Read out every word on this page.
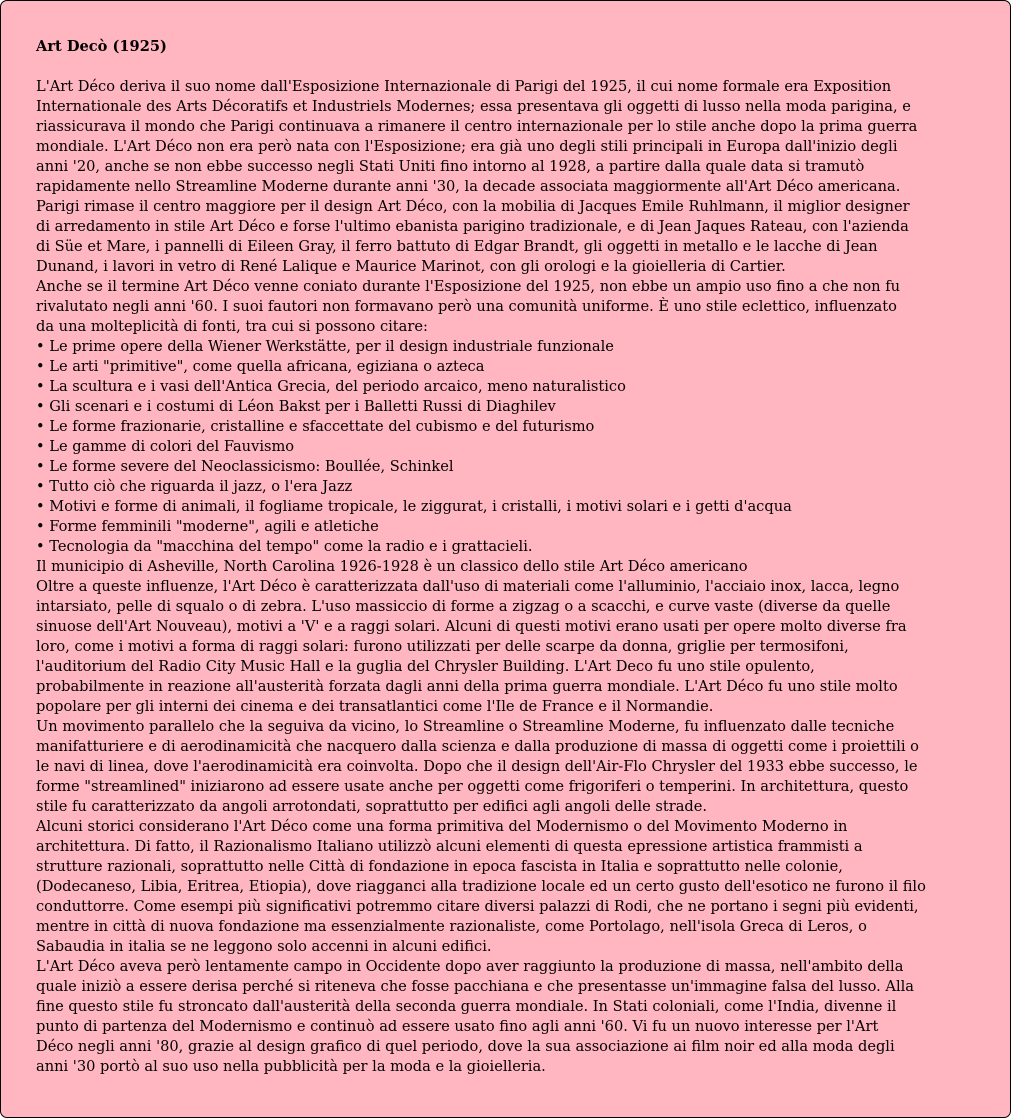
Art Decò (1925)
L'Art Déco deriva il suo nome dall'Esposizione Internazionale di Parigi del 1925, il cui nome formale era Exposition
Internationale des Arts Décoratifs et Industriels Modernes; essa presentava gli oggetti di lusso nella moda parigina, e
riassicurava il mondo che Parigi continuava a rimanere il centro internazionale per lo stile anche dopo la prima guerra
mondiale. L'Art Déco non era però nata con l'Esposizione; era già uno degli stili principali in Europa dall'inizio degli
anni '20, anche se non ebbe successo negli Stati Uniti fino intorno al 1928, a partire dalla quale data si tramutò
rapidamente nello Streamline Moderne durante anni '30, la decade associata maggiormente all'Art Déco americana.
Parigi rimase il centro maggiore per il design Art Déco, con la mobilia di Jacques Emile Ruhlmann, il miglior designer
di arredamento in stile Art Déco e forse l'ultimo ebanista parigino tradizionale, e di Jean Jaques Rateau, con l'azienda
di Süe et Mare, i pannelli di Eileen Gray, il ferro battuto di Edgar Brandt, gli oggetti in metallo e le lacche di Jean
Dunand, i lavori in vetro di René Lalique e Maurice Marinot, con gli orologi e la gioielleria di Cartier.
Anche se il termine Art Déco venne coniato durante l'Esposizione del 1925, non ebbe un ampio uso fino a che non fu
rivalutato negli anni '60. I suoi fautori non formavano però una comunità uniforme. È uno stile eclettico, influenzato
da una molteplicità di fonti, tra cui si possono citare:
• Le prime opere della Wiener Werkstätte, per il design industriale funzionale
• Le arti "primitive", come quella africana, egiziana o azteca
• La scultura e i vasi dell'Antica Grecia, del periodo arcaico, meno naturalistico
• Gli scenari e i costumi di Léon Bakst per i Balletti Russi di Diaghilev
• Le forme frazionarie, cristalline e sfaccettate del cubismo e del futurismo
• Le gamme di colori del Fauvismo
• Le forme severe del Neoclassicismo: Boullée, Schinkel
• Tutto ciò che riguarda il jazz, o l'era Jazz
• Motivi e forme di animali, il fogliame tropicale, le ziggurat, i cristalli, i motivi solari e i getti d'acqua
• Forme femminili "moderne", agili e atletiche
• Tecnologia da "macchina del tempo" come la radio e i grattacieli.
Il municipio di Asheville, North Carolina 1926-1928 è un classico dello stile Art Déco americano
Oltre a queste influenze, l'Art Déco è caratterizzata dall'uso di materiali come l'alluminio, l'acciaio inox, lacca, legno
intarsiato, pelle di squalo o di zebra. L'uso massiccio di forme a zigzag o a scacchi, e curve vaste (diverse da quelle
sinuose dell'Art Nouveau), motivi a 'V' e a raggi solari. Alcuni di questi motivi erano usati per opere molto diverse fra
loro, come i motivi a forma di raggi solari: furono utilizzati per delle scarpe da donna, griglie per termosifoni,
l'auditorium del Radio City Music Hall e la guglia del Chrysler Building. L'Art Deco fu uno stile opulento,
probabilmente in reazione all'austerità forzata dagli anni della prima guerra mondiale. L'Art Déco fu uno stile molto
popolare per gli interni dei cinema e dei transatlantici come l'Ile de France e il Normandie.
Un movimento parallelo che la seguiva da vicino, lo Streamline o Streamline Moderne, fu influenzato dalle tecniche
manifatturiere e di aerodinamicità che nacquero dalla scienza e dalla produzione di massa di oggetti come i proiettili o
le navi di linea, dove l'aerodinamicità era coinvolta. Dopo che il design dell'Air-Flo Chrysler del 1933 ebbe successo, le
forme "streamlined" iniziarono ad essere usate anche per oggetti come frigoriferi o temperini. In architettura, questo
stile fu caratterizzato da angoli arrotondati, soprattutto per edifici agli angoli delle strade.
Alcuni storici considerano l'Art Déco come una forma primitiva del Modernismo o del Movimento Moderno in
architettura. Di fatto, il Razionalismo Italiano utilizzò alcuni elementi di questa epressione artistica frammisti a
strutture razionali, soprattutto nelle Città di fondazione in epoca fascista in Italia e soprattutto nelle colonie,
(Dodecaneso, Libia, Eritrea, Etiopia), dove riagganci alla tradizione locale ed un certo gusto dell'esotico ne furono il filo
conduttorre. Come esempi più significativi potremmo citare diversi palazzi di Rodi, che ne portano i segni più evidenti,
mentre in città di nuova fondazione ma essenzialmente razionaliste, come Portolago, nell'isola Greca di Leros, o
Sabaudia in italia se ne leggono solo accenni in alcuni edifici.
L'Art Déco aveva però lentamente campo in Occidente dopo aver raggiunto la produzione di massa, nell'ambito della
quale iniziò a essere derisa perché si riteneva che fosse pacchiana e che presentasse un'immagine falsa del lusso. Alla
fine questo stile fu stroncato dall'austerità della seconda guerra mondiale. In Stati coloniali, come l'India, divenne il
punto di partenza del Modernismo e continuò ad essere usato fino agli anni '60. Vi fu un nuovo interesse per l'Art
Déco negli anni '80, grazie al design grafico di quel periodo, dove la sua associazione ai film noir ed alla moda degli
anni '30 portò al suo uso nella pubblicità per la moda e la gioielleria.
